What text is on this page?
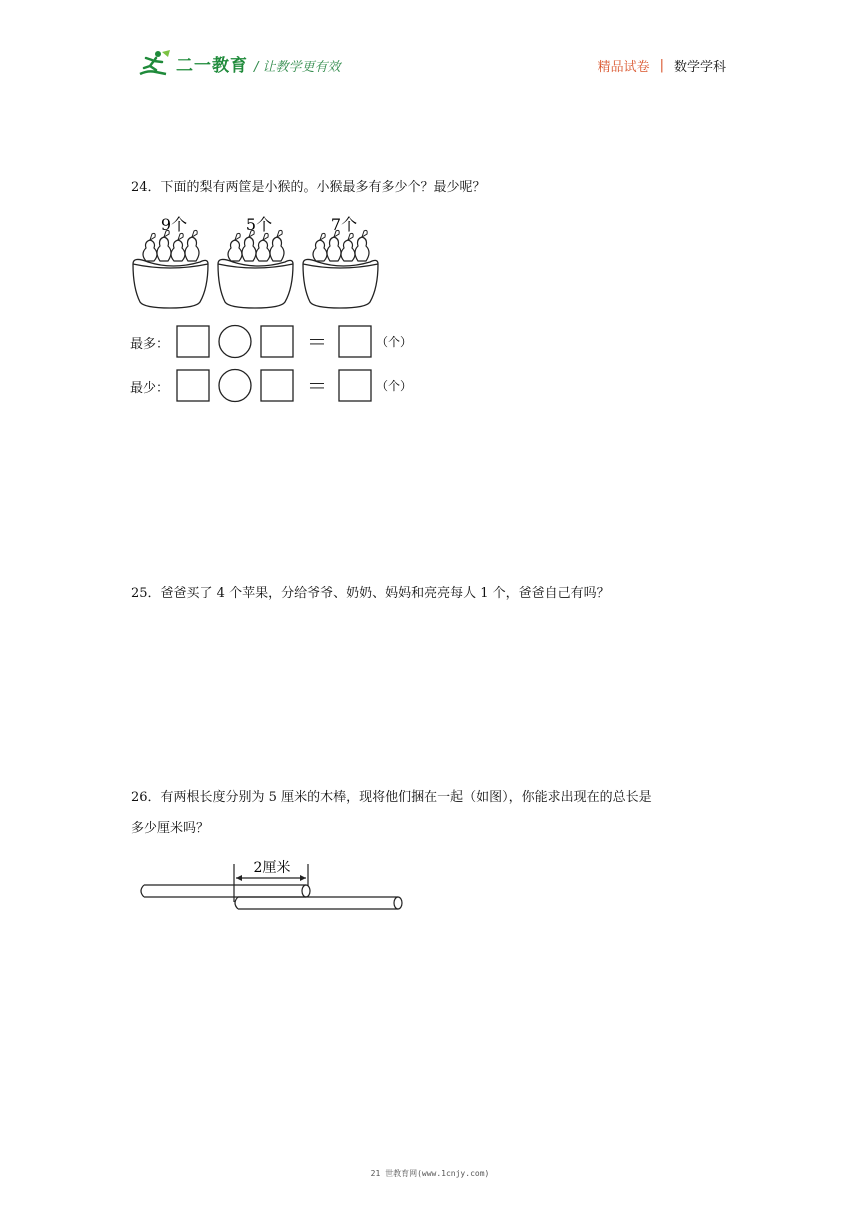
二一教育 / 让教学更有效	精品试卷 | 数学学科
24．下面的梨有两筐是小猴的。小猴最多有多少个？最少呢？
9个	5个	7个
最多：	＝	（个）
最少：	＝	（个）
25．爸爸买了 4 个苹果，分给爷爷、奶奶、妈妈和亮亮每人 1 个，爸爸自己有吗？
26．有两根长度分别为 5 厘米的木棒，现将他们捆在一起（如图），你能求出现在的总长是
多少厘米吗？
2厘米
21 世教育网(www.1cnjy.com)
